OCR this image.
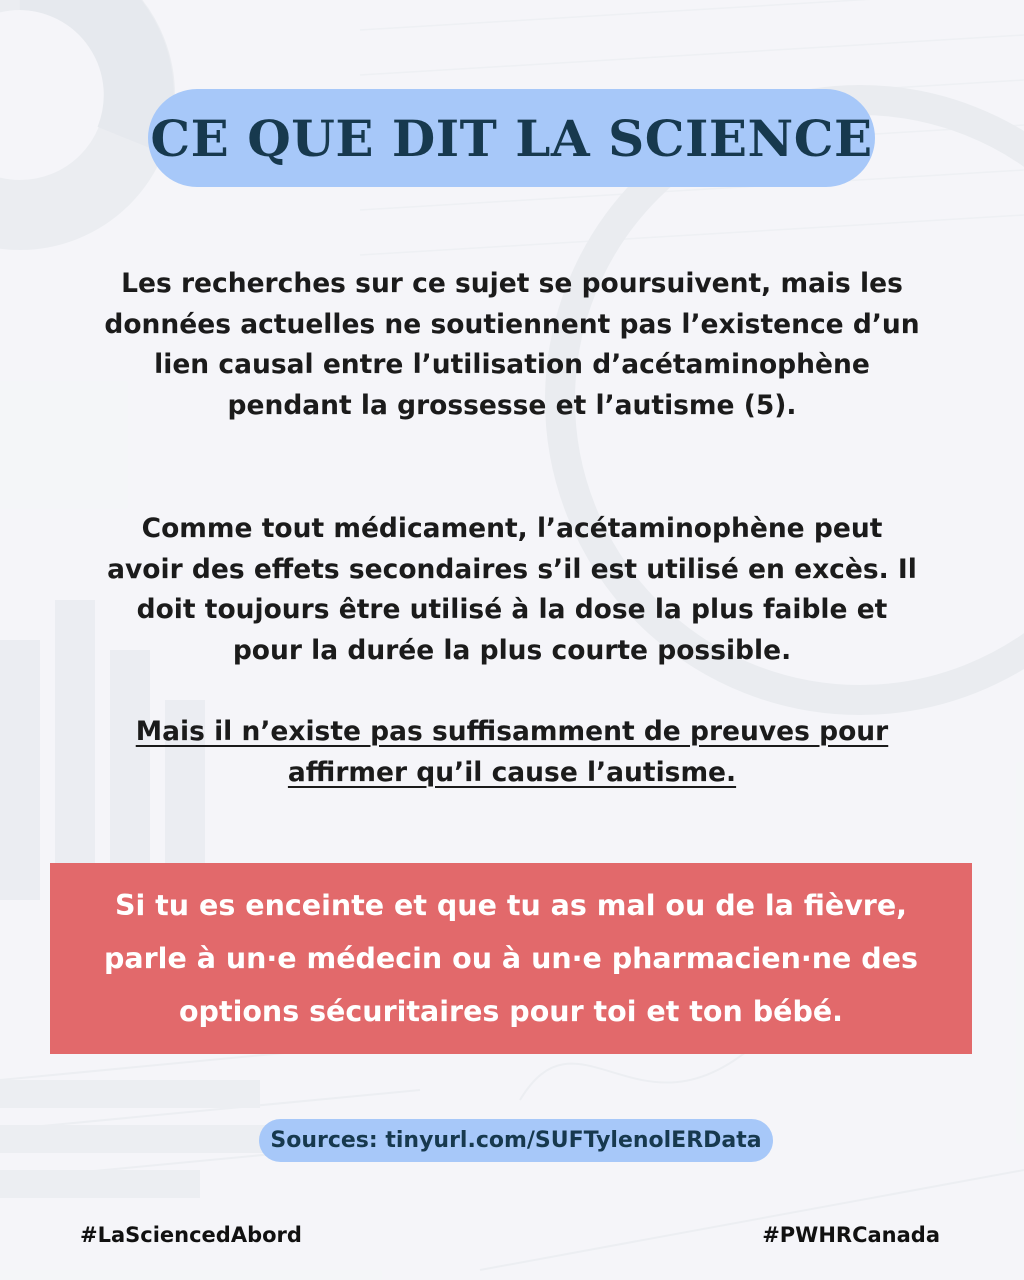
CE QUE DIT LA SCIENCE

Les recherches sur ce sujet se poursuivent, mais les données actuelles ne soutiennent pas l’existence d’un lien causal entre l’utilisation d’acétaminophène pendant la grossesse et l’autisme (5).

Comme tout médicament, l’acétaminophène peut avoir des effets secondaires s’il est utilisé en excès. Il doit toujours être utilisé à la dose la plus faible et pour la durée la plus courte possible.

Mais il n’existe pas suffisamment de preuves pour affirmer qu’il cause l’autisme.

Si tu es enceinte et que tu as mal ou de la fièvre, parle à un·e médecin ou à un·e pharmacien·ne des options sécuritaires pour toi et ton bébé.

Sources: tinyurl.com/SUFTylenolERData
#LaSciencedAbord	#PWHRCanada
